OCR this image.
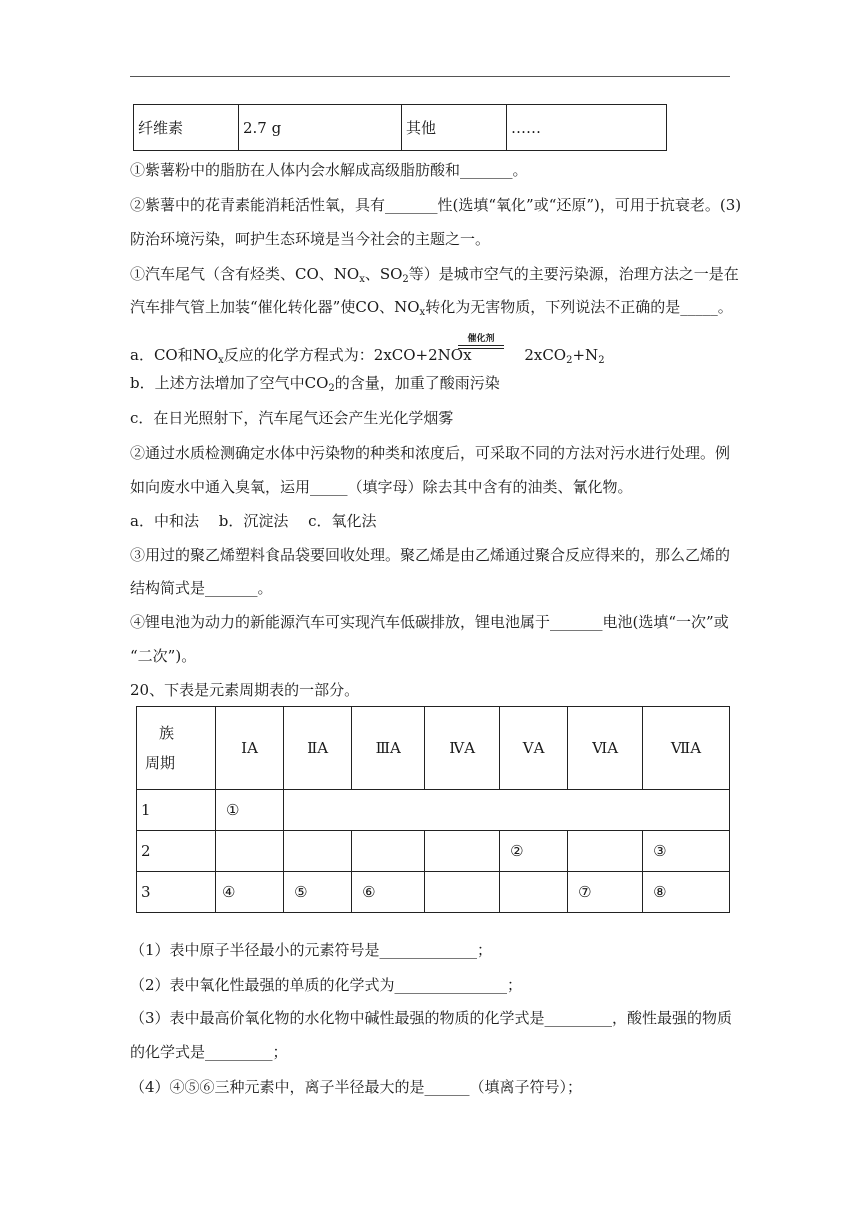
纤维素	2.7 g	其他	……
①紫薯粉中的脂肪在人体内会水解成高级脂肪酸和_______。
②紫薯中的花青素能消耗活性氧，具有_______性(选填“氧化”或“还原”)，可用于抗衰老。(3)
防治环境污染，呵护生态环境是当今社会的主题之一。
①汽车尾气（含有烃类、CO、$NO_x$、$SO_2$等）是城市空气的主要污染源，治理方法之一是在
汽车排气管上加装“催化转化器”使CO、$NO_x$转化为无害物质，下列说法不正确的是_____。
a．CO和$NO_x$反应的化学方程式为：2xCO+2NOx	$2xCO_2+N_2$
催化剂
b．上述方法增加了空气中$CO_2$的含量，加重了酸雨污染
c．在日光照射下，汽车尾气还会产生光化学烟雾
②通过水质检测确定水体中污染物的种类和浓度后，可采取不同的方法对污水进行处理。例
如向废水中通入臭氧，运用_____（填字母）除去其中含有的油类、氰化物。
a．中和法　 b．沉淀法　 c．氧化法
③用过的聚乙烯塑料食品袋要回收处理。聚乙烯是由乙烯通过聚合反应得来的，那么乙烯的
结构简式是_______。
④锂电池为动力的新能源汽车可实现汽车低碳排放，锂电池属于_______电池(选填“一次”或
“二次”)。
20、下表是元素周期表的一部分。
族
周期	ⅠA	ⅡA	ⅢA	ⅣA	ⅤA	ⅥA	ⅦA
1	①						
2					②		③
3	④	⑤	⑥			⑦	⑧
（1）表中原子半径最小的元素符号是_____________；
（2）表中氧化性最强的单质的化学式为_______________；
（3）表中最高价氧化物的水化物中碱性最强的物质的化学式是_________，酸性最强的物质
的化学式是_________；
（4）④⑤⑥三种元素中，离子半径最大的是______（填离子符号）；
